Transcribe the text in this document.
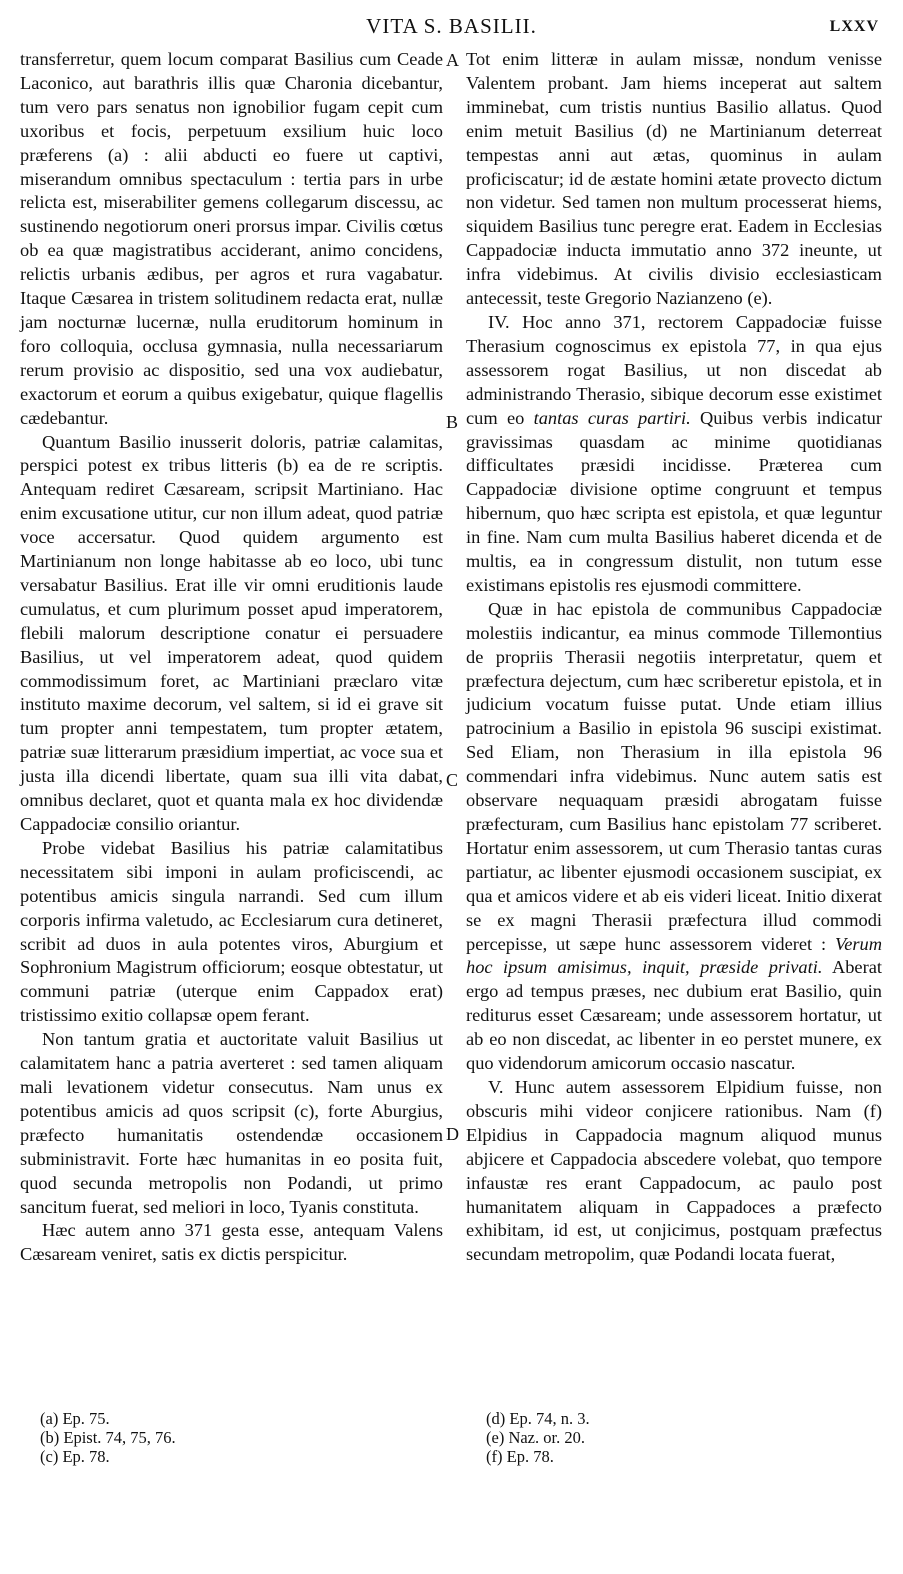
VITA S. BASILII.	LXXV

transferretur, quem locum comparat Basilius cum Ceade Laconico, aut barathris illis quæ Charonia dicebantur, tum vero pars senatus non ignobilior fugam cepit cum uxoribus et focis, perpetuum exsilium huic loco præferens (a) : alii abducti eo fuere ut captivi, miserandum omnibus spectaculum : tertia pars in urbe relicta est, miserabiliter gemens collegarum discessu, ac sustinendo negotiorum oneri prorsus impar. Civilis cœtus ob ea quæ magistratibus acciderant, animo concidens, relictis urbanis ædibus, per agros et rura vagabatur. Itaque Cæsarea in tristem solitudinem redacta erat, nullæ jam nocturnæ lucernæ, nulla eruditorum hominum in foro colloquia, occlusa gymnasia, nulla necessariarum rerum provisio ac dispositio, sed una vox audiebatur, exactorum et eorum a quibus exigebatur, quique flagellis cædebantur.

Quantum Basilio inusserit doloris, patriæ calamitas, perspici potest ex tribus litteris (b) ea de re scriptis. Antequam rediret Cæsaream, scripsit Martiniano. Hac enim excusatione utitur, cur non illum adeat, quod patriæ voce accersatur. Quod quidem argumento est Martinianum non longe habitasse ab eo loco, ubi tunc versabatur Basilius. Erat ille vir omni eruditionis laude cumulatus, et cum plurimum posset apud imperatorem, flebili malorum descriptione conatur ei persuadere Basilius, ut vel imperatorem adeat, quod quidem commodissimum foret, ac Martiniani præclaro vitæ instituto maxime decorum, vel saltem, si id ei grave sit tum propter anni tempestatem, tum propter ætatem, patriæ suæ litterarum præsidium impertiat, ac voce sua et justa illa dicendi libertate, quam sua illi vita dabat, omnibus declaret, quot et quanta mala ex hoc dividendæ Cappadociæ consilio oriantur.

Probe videbat Basilius his patriæ calamitatibus necessitatem sibi imponi in aulam proficiscendi, ac potentibus amicis singula narrandi. Sed cum illum corporis infirma valetudo, ac Ecclesiarum cura detineret, scribit ad duos in aula potentes viros, Aburgium et Sophronium Magistrum officiorum; eosque obtestatur, ut communi patriæ (uterque enim Cappadox erat) tristissimo exitio collapsæ opem ferant.

Non tantum gratia et auctoritate valuit Basilius ut calamitatem hanc a patria averteret : sed tamen aliquam mali levationem videtur consecutus. Nam unus ex potentibus amicis ad quos scripsit (c), forte Aburgius, præfecto humanitatis ostendendæ occasionem subministravit. Forte hæc humanitas in eo posita fuit, quod secunda metropolis non Podandi, ut primo sancitum fuerat, sed meliori in loco, Tyanis constituta.

Hæc autem anno 371 gesta esse, antequam Valens Cæsaream veniret, satis ex dictis perspicitur.

A
B
C
D

Tot enim litteræ in aulam missæ, nondum venisse Valentem probant. Jam hiems inceperat aut saltem imminebat, cum tristis nuntius Basilio allatus. Quod enim metuit Basilius (d) ne Martinianum deterreat tempestas anni aut ætas, quominus in aulam proficiscatur; id de æstate homini ætate provecto dictum non videtur. Sed tamen non multum processerat hiems, siquidem Basilius tunc peregre erat. Eadem in Ecclesias Cappadociæ inducta immutatio anno 372 ineunte, ut infra videbimus. At civilis divisio ecclesiasticam antecessit, teste Gregorio Nazianzeno (e).

IV. Hoc anno 371, rectorem Cappadociæ fuisse Therasium cognoscimus ex epistola 77, in qua ejus assessorem rogat Basilius, ut non discedat ab administrando Therasio, sibique decorum esse existimet cum eo tantas curas partiri. Quibus verbis indicatur gravissimas quasdam ac minime quotidianas difficultates præsidi incidisse. Præterea cum Cappadociæ divisione optime congruunt et tempus hibernum, quo hæc scripta est epistola, et quæ leguntur in fine. Nam cum multa Basilius haberet dicenda et de multis, ea in congressum distulit, non tutum esse existimans epistolis res ejusmodi committere.

Quæ in hac epistola de communibus Cappadociæ molestiis indicantur, ea minus commode Tillemontius de propriis Therasii negotiis interpretatur, quem et præfectura dejectum, cum hæc scriberetur epistola, et in judicium vocatum fuisse putat. Unde etiam illius patrocinium a Basilio in epistola 96 suscipi existimat. Sed Eliam, non Therasium in illa epistola 96 commendari infra videbimus. Nunc autem satis est observare nequaquam præsidi abrogatam fuisse præfecturam, cum Basilius hanc epistolam 77 scriberet. Hortatur enim assessorem, ut cum Therasio tantas curas partiatur, ac libenter ejusmodi occasionem suscipiat, ex qua et amicos videre et ab eis videri liceat. Initio dixerat se ex magni Therasii præfectura illud commodi percepisse, ut sæpe hunc assessorem videret : Verum hoc ipsum amisimus, inquit, præside privati. Aberat ergo ad tempus præses, nec dubium erat Basilio, quin rediturus esset Cæsaream; unde assessorem hortatur, ut ab eo non discedat, ac libenter in eo perstet munere, ex quo videndorum amicorum occasio nascatur.

V. Hunc autem assessorem Elpidium fuisse, non obscuris mihi videor conjicere rationibus. Nam (f) Elpidius in Cappadocia magnum aliquod munus abjicere et Cappadocia abscedere volebat, quo tempore infaustæ res erant Cappadocum, ac paulo post humanitatem aliquam in Cappadoces a præfecto exhibitam, id est, ut conjicimus, postquam præfectus secundam metropolim, quæ Podandi locata fuerat,

(a) Ep. 75.
(b) Epist. 74, 75, 76.
(c) Ep. 78.
(d) Ep. 74, n. 3.
(e) Naz. or. 20.
(f) Ep. 78.
